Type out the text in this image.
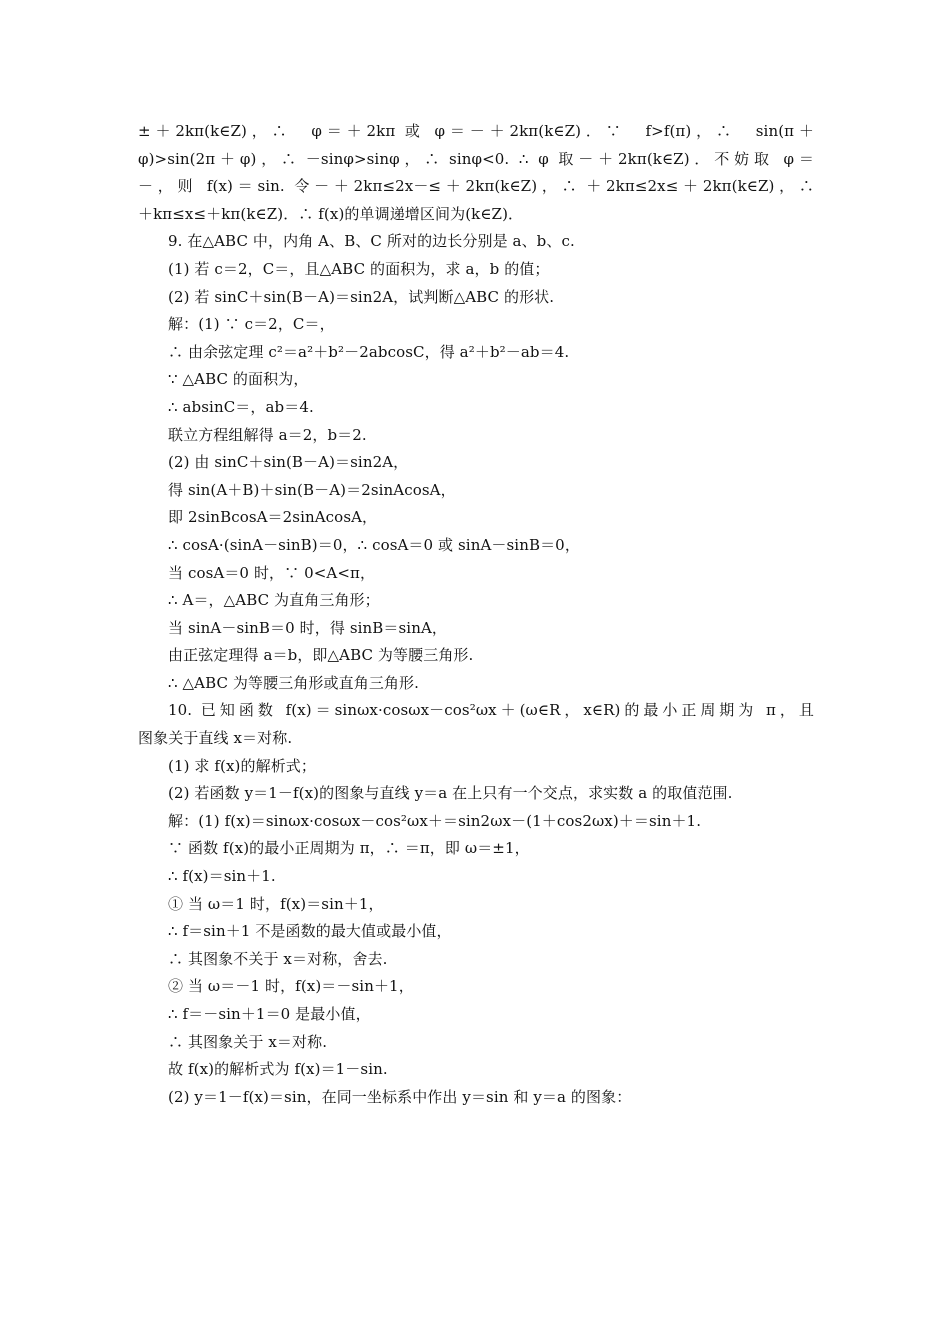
±＋2kπ(k∈Z)，∴　φ＝＋2kπ 或 φ＝－＋2kπ(k∈Z)．∵　f>f(π)，∴　sin(π＋
φ)>sin(2π＋φ)，∴ －sinφ>sinφ，∴ sinφ<0. ∴ φ 取－＋2kπ(k∈Z)．不妨取 φ＝
－，则 f(x)＝sin. 令－＋2kπ≤2x－≤＋2kπ(k∈Z)，∴ ＋2kπ≤2x≤＋2kπ(k∈Z)，∴
＋kπ≤x≤＋kπ(k∈Z)．∴ f(x)的单调递增区间为(k∈Z)．
9. 在△ABC 中，内角 A、B、C 所对的边长分别是 a、b、c.
(1) 若 c＝2，C＝，且△ABC 的面积为，求 a，b 的值；
(2) 若 sinC＋sin(B－A)＝sin2A，试判断△ABC 的形状.
解：(1) ∵ c＝2，C＝，
∴ 由余弦定理 c²＝a²＋b²－2abcosC，得 a²＋b²－ab＝4.
∵ △ABC 的面积为，
∴ absinC＝，ab＝4.
联立方程组解得 a＝2，b＝2.
(2) 由 sinC＋sin(B－A)＝sin2A，
得 sin(A＋B)＋sin(B－A)＝2sinAcosA，
即 2sinBcosA＝2sinAcosA，
∴ cosA·(sinA－sinB)＝0，∴ cosA＝0 或 sinA－sinB＝0，
当 cosA＝0 时，∵ 0<A<π，
∴ A＝，△ABC 为直角三角形；
当 sinA－sinB＝0 时，得 sinB＝sinA，
由正弦定理得 a＝b，即△ABC 为等腰三角形.
∴ △ABC 为等腰三角形或直角三角形.
10. 已知函数 f(x)＝sinωx·cosωx－cos²ωx＋(ω∈R，x∈R)的最小正周期为 π，且
图象关于直线 x＝对称.
(1) 求 f(x)的解析式；
(2) 若函数 y＝1－f(x)的图象与直线 y＝a 在上只有一个交点，求实数 a 的取值范围.
解：(1) f(x)＝sinωx·cosωx－cos²ωx＋＝sin2ωx－(1＋cos2ωx)＋＝sin＋1.
∵ 函数 f(x)的最小正周期为 π，∴ ＝π，即 ω＝±1，
∴ f(x)＝sin＋1.
① 当 ω＝1 时，f(x)＝sin＋1，
∴ f＝sin＋1 不是函数的最大值或最小值，
∴ 其图象不关于 x＝对称，舍去.
② 当 ω＝－1 时，f(x)＝－sin＋1，
∴ f＝－sin＋1＝0 是最小值，
∴ 其图象关于 x＝对称.
故 f(x)的解析式为 f(x)＝1－sin.
(2) y＝1－f(x)＝sin，在同一坐标系中作出 y＝sin 和 y＝a 的图象：
